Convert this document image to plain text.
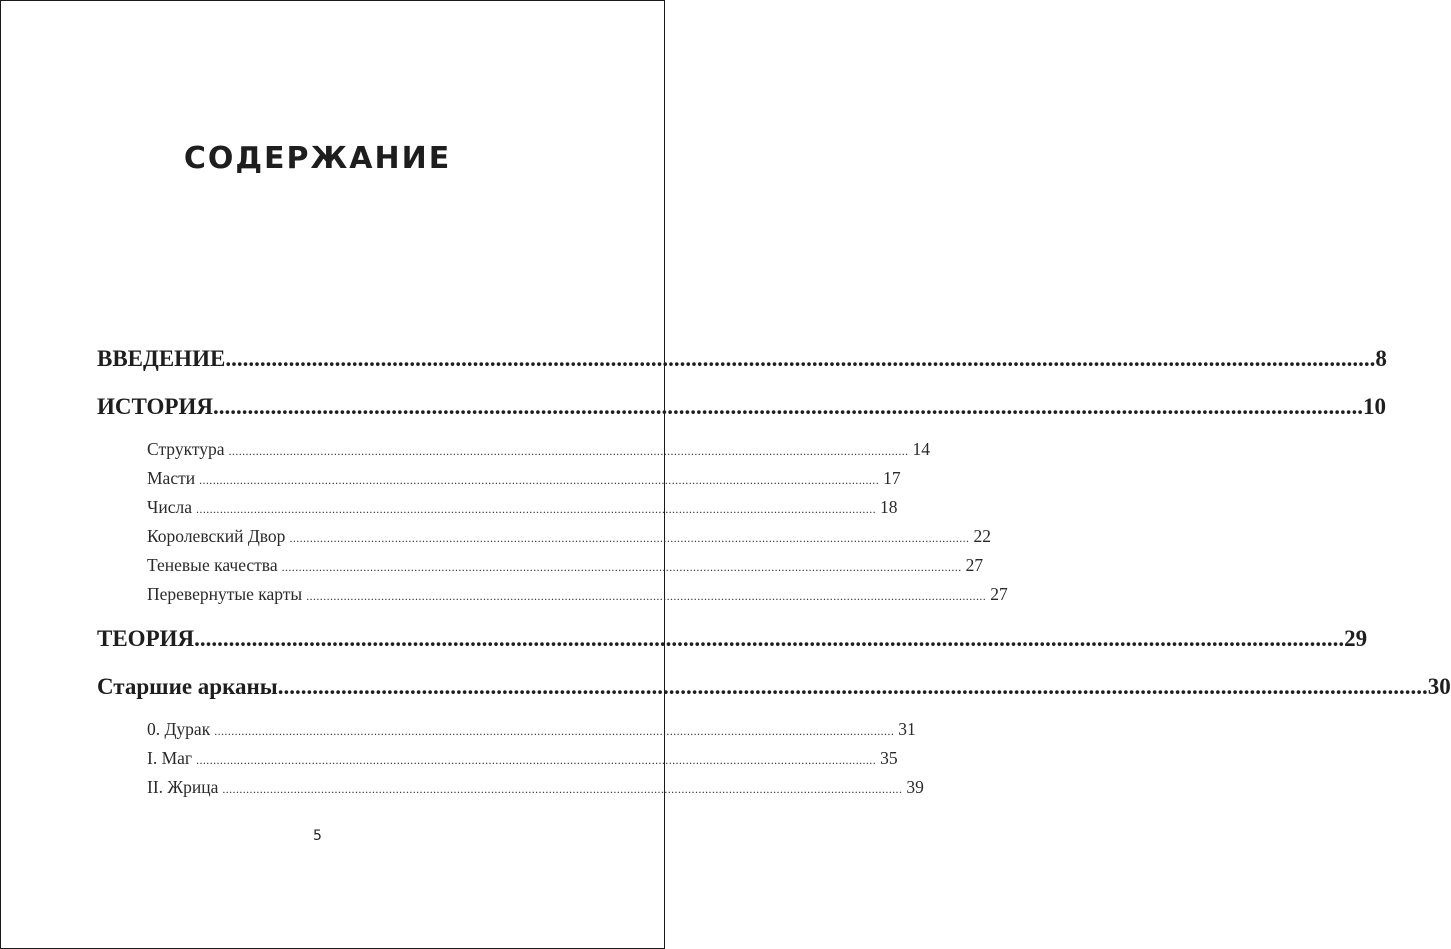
СОДЕРЖАНИЕ
ВВЕДЕНИЕ ........................................................................................................................................................................................................ 8
ИСТОРИЯ ........................................................................................................................................................................................................ 10
Структура ........................................................................................................................................................................................................ 14
Масти ........................................................................................................................................................................................................ 17
Числа ........................................................................................................................................................................................................ 18
Королевский Двор ........................................................................................................................................................................................................ 22
Теневые качества ........................................................................................................................................................................................................ 27
Перевернутые карты ........................................................................................................................................................................................................ 27
ТЕОРИЯ ........................................................................................................................................................................................................ 29
Старшие арканы ........................................................................................................................................................................................................ 30
0. Дурак ........................................................................................................................................................................................................ 31
I. Маг ........................................................................................................................................................................................................ 35
II. Жрица ........................................................................................................................................................................................................ 39
5
